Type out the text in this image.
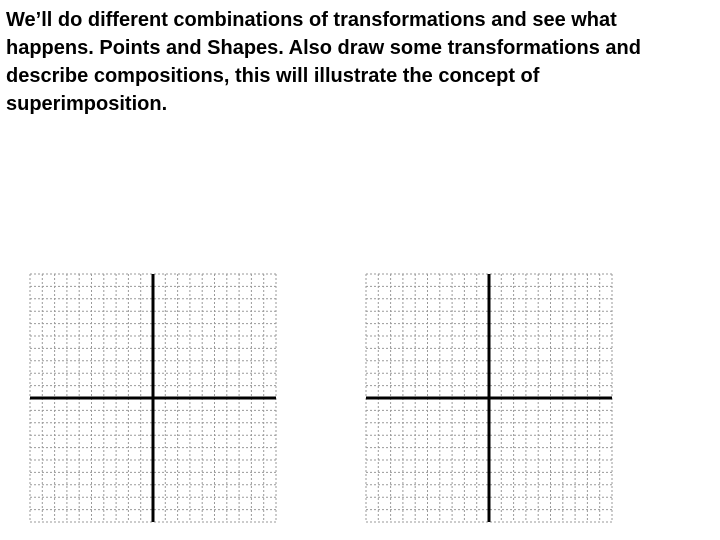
We’ll do different combinations of transformations and see what happens. Points and Shapes. Also draw some transformations and describe compositions, this will illustrate the concept of superimposition.
